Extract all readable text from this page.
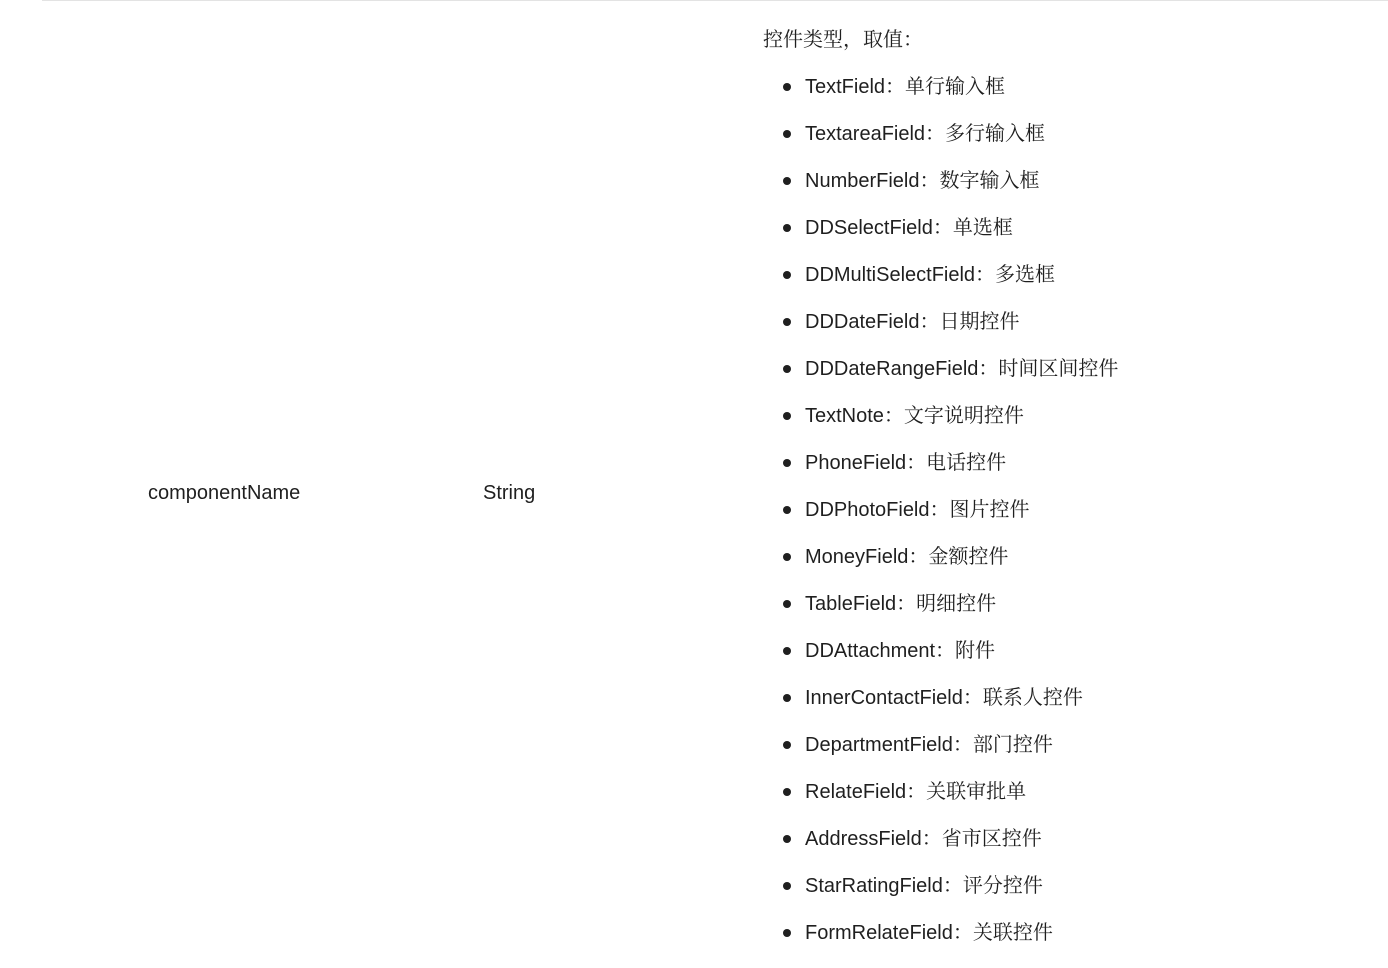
componentName	String
控件类型，取值：
TextField：单行输入框
TextareaField：多行输入框
NumberField：数字输入框
DDSelectField：单选框
DDMultiSelectField：多选框
DDDateField：日期控件
DDDateRangeField：时间区间控件
TextNote：文字说明控件
PhoneField：电话控件
DDPhotoField：图片控件
MoneyField：金额控件
TableField：明细控件
DDAttachment：附件
InnerContactField：联系人控件
DepartmentField：部门控件
RelateField：关联审批单
AddressField：省市区控件
StarRatingField：评分控件
FormRelateField：关联控件
